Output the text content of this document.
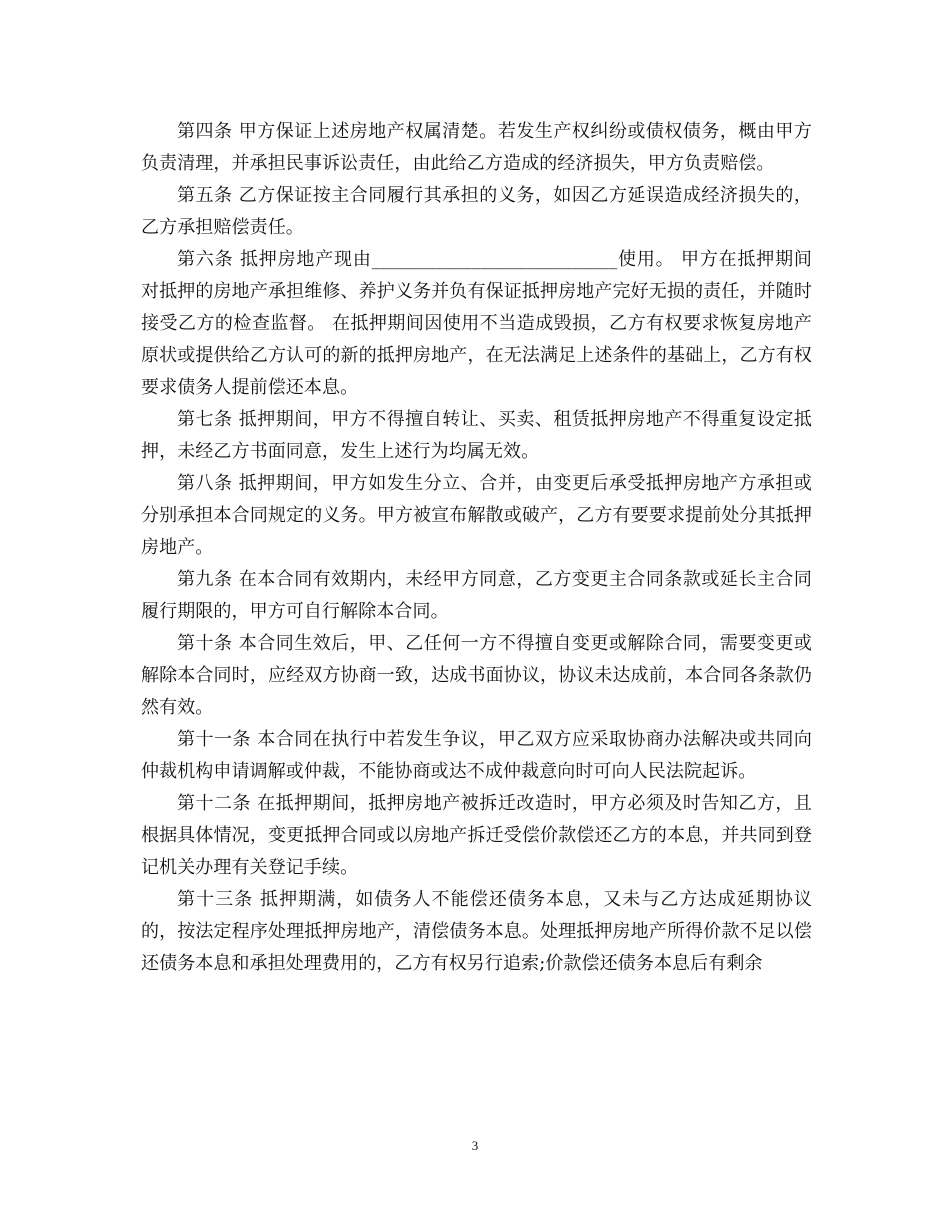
第四条 甲方保证上述房地产权属清楚。若发生产权纠纷或债权债务，概由甲方负责清理，并承担民事诉讼责任，由此给乙方造成的经济损失，甲方负责赔偿。

第五条 乙方保证按主合同履行其承担的义务，如因乙方延误造成经济损失的，乙方承担赔偿责任。

第六条 抵押房地产现由___________________________使用。 甲方在抵押期间对抵押的房地产承担维修、养护义务并负有保证抵押房地产完好无损的责任，并随时接受乙方的检查监督。 在抵押期间因使用不当造成毁损，乙方有权要求恢复房地产原状或提供给乙方认可的新的抵押房地产，在无法满足上述条件的基础上，乙方有权要求债务人提前偿还本息。

第七条 抵押期间，甲方不得擅自转让、买卖、租赁抵押房地产不得重复设定抵押，未经乙方书面同意，发生上述行为均属无效。

第八条 抵押期间，甲方如发生分立、合并，由变更后承受抵押房地产方承担或分别承担本合同规定的义务。甲方被宣布解散或破产，乙方有要要求提前处分其抵押房地产。

第九条 在本合同有效期内，未经甲方同意，乙方变更主合同条款或延长主合同履行期限的，甲方可自行解除本合同。

第十条 本合同生效后，甲、乙任何一方不得擅自变更或解除合同，需要变更或解除本合同时，应经双方协商一致，达成书面协议，协议未达成前，本合同各条款仍然有效。

第十一条 本合同在执行中若发生争议，甲乙双方应采取协商办法解决或共同向仲裁机构申请调解或仲裁，不能协商或达不成仲裁意向时可向人民法院起诉。

第十二条 在抵押期间，抵押房地产被拆迁改造时，甲方必须及时告知乙方，且根据具体情况，变更抵押合同或以房地产拆迁受偿价款偿还乙方的本息，并共同到登记机关办理有关登记手续。

第十三条 抵押期满，如债务人不能偿还债务本息，又未与乙方达成延期协议的，按法定程序处理抵押房地产，清偿债务本息。处理抵押房地产所得价款不足以偿还债务本息和承担处理费用的，乙方有权另行追索;价款偿还债务本息后有剩余

3
